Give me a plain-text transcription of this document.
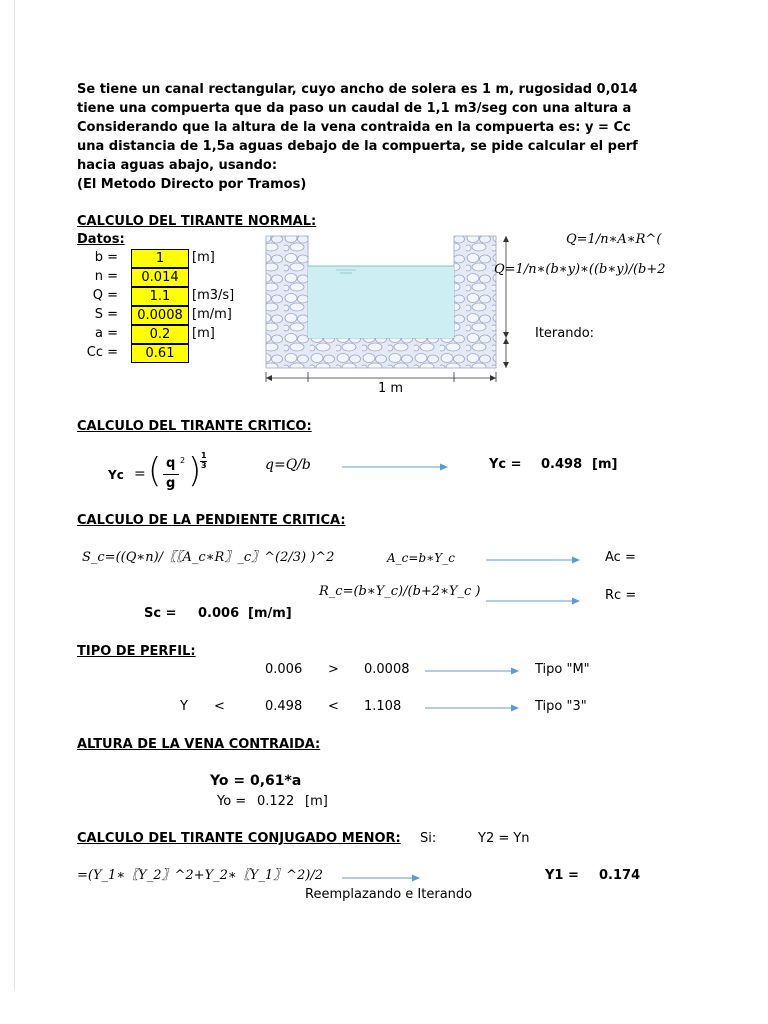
Se tiene un canal rectangular, cuyo ancho de solera es 1 m, rugosidad 0,014
tiene una compuerta que da paso un caudal de 1,1 m3/seg con una altura a
Considerando que la altura de la vena contraida en la compuerta es: y = Cc
una distancia de 1,5a aguas debajo de la compuerta, se pide calcular el perf
hacia aguas abajo, usando:
(El Metodo Directo por Tramos)
CALCULO DEL TIRANTE NORMAL:
Datos:
b =	1	[m]
n =	0.014
Q =	1.1	[m3/s]
S =	0.0008 [m/m]
a =	0.2	[m]
Cc =	0.61
1 m
Q=1/n∗A∗R^(
Q=1/n∗(b∗y)∗((b∗y)/(b+2
Iterando:
CALCULO DEL TIRANTE CRITICO:
Yc = ( q
g
2 ) 1
3	q=Q/b	Yc = 0.498 [m]
CALCULO DE LA PENDIENTE CRITICA:
S_c=((Q∗n)/〖〖A_c∗R〗_c〗^(2/3) )^2	A_c=b∗Y_c	Ac =
R_c=(b∗Y_c)/(b+2∗Y_c )	Rc =
Sc = 0.006 [m/m]
TIPO DE PERFIL:
0.006 > 0.0008	Tipo "M"
Y <	0.498 < 1.108	Tipo "3"
ALTURA DE LA VENA CONTRAIDA:
Yo = 0,61*a
Yo = 0.122 [m]
CALCULO DEL TIRANTE CONJUGADO MENOR: Si:	Y2 = Yn
=(Y_1∗〖Y_2〗^2+Y_2∗〖Y_1〗^2)/2	Y1 = 0.174
Reemplazando e Iterando
